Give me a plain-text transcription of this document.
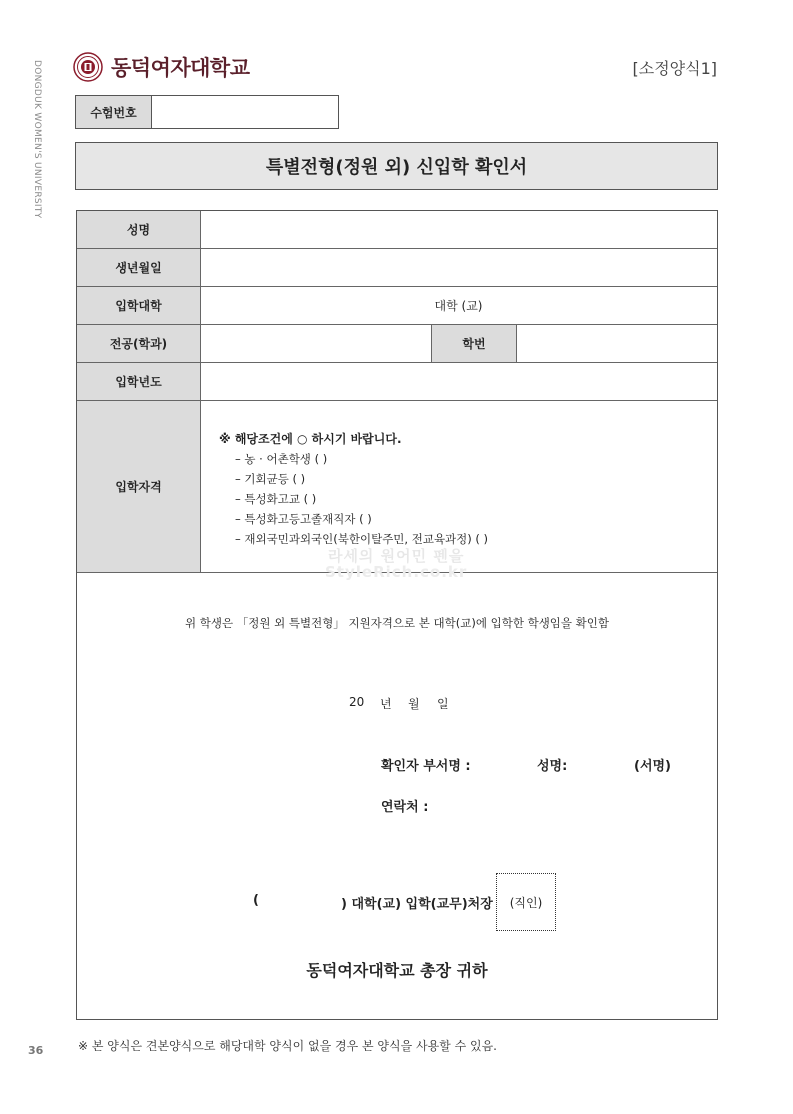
DONGDUK WOMEN'S UNIVERSITY	동덕여자대학교	[소정양식1]
수험번호
특별전형(정원 외) 신입학 확인서
성명
생년월일
입학대학	대학 (교)
전공(학과)	학번
입학년도
입학자격
※ 해당조건에 ○ 하시기 바랍니다.
– 농 · 어촌학생 ( )
– 기회균등 ( )
– 특성화고교 ( )
– 특성화고등고졸재직자 ( )
– 재외국민과외국인(북한이탈주민, 전교육과정) ( )
라세의 원어민 펜을
StyleRich.co.kr
위 학생은 「정원 외 특별전형」 지원자격으로 본 대학(교)에 입학한 학생임을 확인함
20 년 월 일
확인자 부서명 :	성명:	(서명)
연락처 :
(	) 대학(교) 입학(교무)처장 (직인)
동덕여자대학교 총장 귀하
36	※ 본 양식은 견본양식으로 해당대학 양식이 없을 경우 본 양식을 사용할 수 있음.
